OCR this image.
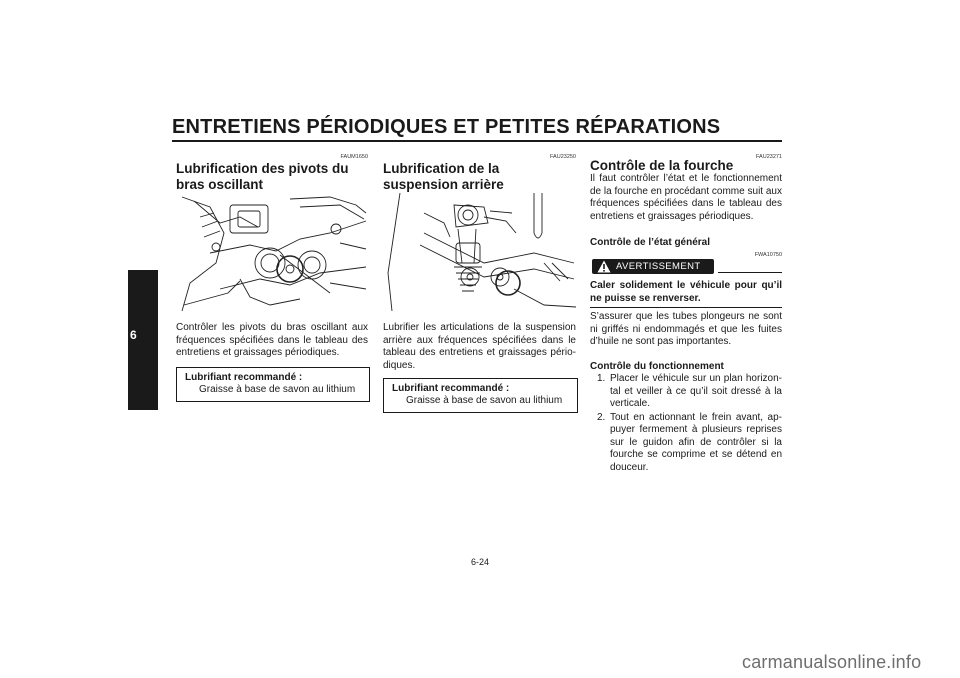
ENTRETIENS PÉRIODIQUES ET PETITES RÉPARATIONS
6
FAUM1650
Lubrification des pivots du bras oscillant
Contrôler les pivots du bras oscillant aux fréquences spécifiées dans le tableau des entretiens et graissages périodiques.
Lubrifiant recommandé :
Graisse à base de savon au lithium
FAU23250
Lubrification de la suspension arrière
Lubrifier les articulations de la suspension arrière aux fréquences spécifiées dans le tableau des entretiens et graissages pério-diques.
Lubrifiant recommandé :
Graisse à base de savon au lithium
FAU23271
Contrôle de la fourche
Il faut contrôler l’état et le fonctionnement de la fourche en procédant comme suit aux fréquences spécifiées dans le tableau des entretiens et graissages périodiques.
Contrôle de l’état général
FWA10750
AVERTISSEMENT
Caler solidement le véhicule pour qu’il ne puisse se renverser.
S’assurer que les tubes plongeurs ne sont ni griffés ni endommagés et que les fuites d’huile ne sont pas importantes.
Contrôle du fonctionnement
1. Placer le véhicule sur un plan horizon-tal et veiller à ce qu’il soit dressé à la verticale.
2. Tout en actionnant le frein avant, ap-puyer fermement à plusieurs reprises sur le guidon afin de contrôler si la fourche se comprime et se détend en douceur.
6-24
carmanualsonline.info
